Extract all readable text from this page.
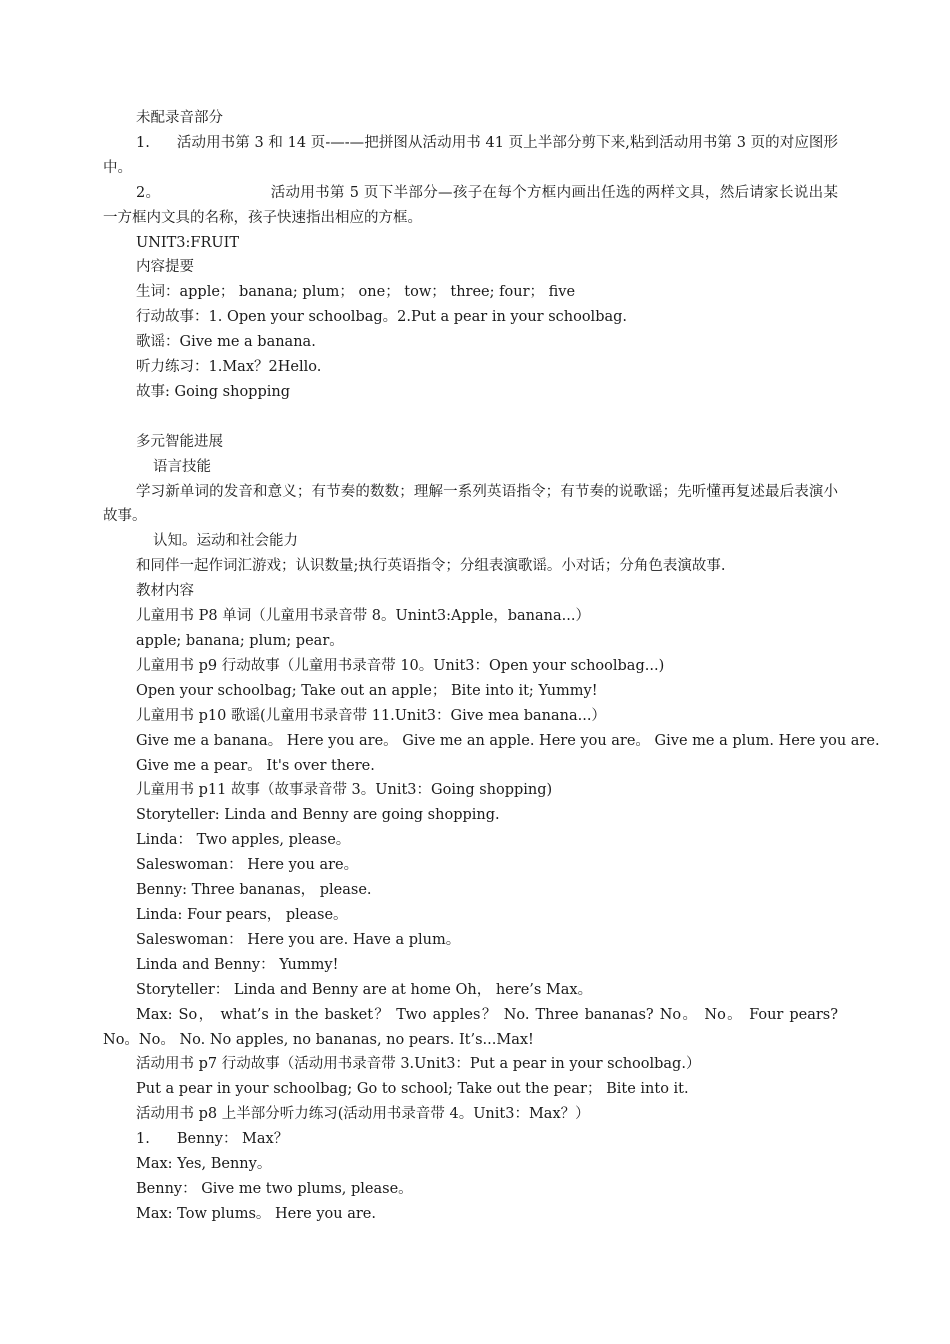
未配录音部分

1. 活动用书第 3 和 14 页-—-—把拼图从活动用书 41 页上半部分剪下来,粘到活动用书第 3 页的对应图形中。

2。	活动用书第 5 页下半部分—孩子在每个方框内画出任选的两样文具，然后请家长说出某一方框内文具的名称，孩子快速指出相应的方框。

UNIT3:FRUIT

内容提要

生词：apple； banana; plum； one； tow； three; four； five

行动故事：1. Open your schoolbag。2.Put a pear in your schoolbag.

歌谣：Give me a banana.

听力练习：1.Max？2Hello.

故事: Going shopping

多元智能进展

语言技能

学习新单词的发音和意义；有节奏的数数；理解一系列英语指令；有节奏的说歌谣；先听懂再复述最后表演小故事。

认知。运动和社会能力

和同伴一起作词汇游戏；认识数量;执行英语指令；分组表演歌谣。小对话；分角色表演故事.

教材内容

儿童用书 P8 单词（儿童用书录音带 8。Unint3:Apple，banana...）

apple; banana; plum; pear。

儿童用书 p9 行动故事（儿童用书录音带 10。Unit3：Open your schoolbag...)

Open your schoolbag; Take out an apple； Bite into it; Yummy!

儿童用书 p10 歌谣(儿童用书录音带 11.Unit3：Give mea banana...）

Give me a banana。 Here you are。 Give me an apple. Here you are。 Give me a plum. Here you are.

Give me a pear。 It's over there.

儿童用书 p11 故事（故事录音带 3。Unit3：Going shopping)

Storyteller: Linda and Benny are going shopping.

Linda： Two apples, please。

Saleswoman： Here you are。

Benny: Three bananas， please.

Linda: Four pears， please。

Saleswoman： Here you are. Have a plum。

Linda and Benny： Yummy!

Storyteller： Linda and Benny are at home Oh， here’s Max。

Max: So， what’s in the basket？ Two apples？ No. Three bananas? No。 No。 Four pears? No。No。 No. No apples, no bananas, no pears. It’s...Max!

活动用书 p7 行动故事（活动用书录音带 3.Unit3：Put a pear in your schoolbag.）

Put a pear in your schoolbag; Go to school; Take out the pear； Bite into it.

活动用书 p8 上半部分听力练习(活动用书录音带 4。Unit3：Max？）

1. Benny： Max？

Max: Yes, Benny。

Benny： Give me two plums, please。

Max: Tow plums。 Here you are.
